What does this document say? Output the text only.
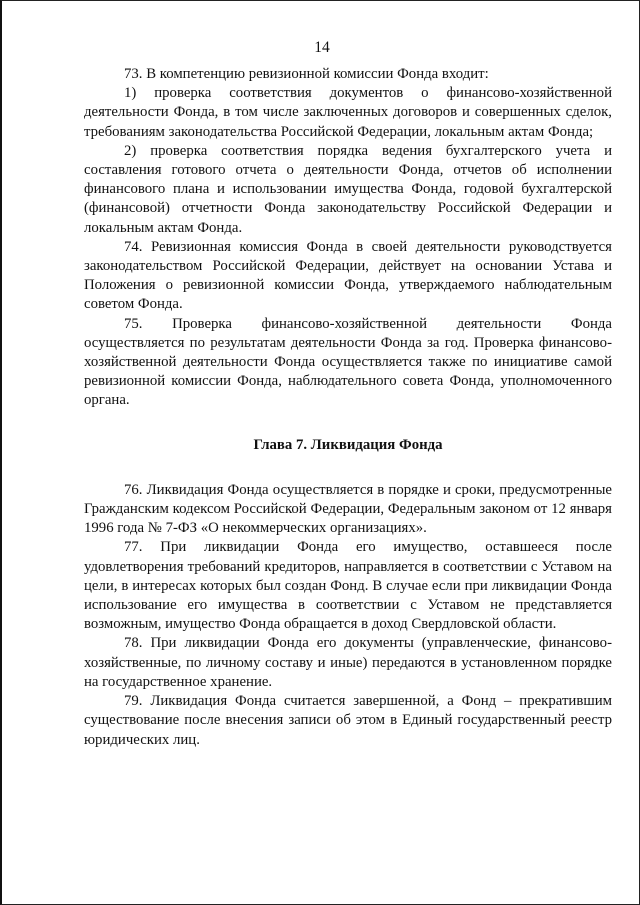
14

73. В компетенцию ревизионной комиссии Фонда входит:

1) проверка соответствия документов о финансово-хозяйственной деятельности Фонда, в том числе заключенных договоров и совершенных сделок, требованиям законодательства Российской Федерации, локальным актам Фонда;

2) проверка соответствия порядка ведения бухгалтерского учета и составления готового отчета о деятельности Фонда, отчетов об исполнении финансового плана и использовании имущества Фонда, годовой бухгалтерской (финансовой) отчетности Фонда законодательству Российской Федерации и локальным актам Фонда.

74. Ревизионная комиссия Фонда в своей деятельности руководствуется законодательством Российской Федерации, действует на основании Устава и Положения о ревизионной комиссии Фонда, утверждаемого наблюдательным советом Фонда.

75. Проверка финансово-хозяйственной деятельности Фонда осуществляется по результатам деятельности Фонда за год. Проверка финансово-хозяйственной деятельности Фонда осуществляется также по инициативе самой ревизионной комиссии Фонда, наблюдательного совета Фонда, уполномоченного органа.

Глава 7. Ликвидация Фонда

76. Ликвидация Фонда осуществляется в порядке и сроки, предусмотренные Гражданским кодексом Российской Федерации, Федеральным законом от 12 января 1996 года № 7-ФЗ «О некоммерческих организациях».

77. При ликвидации Фонда его имущество, оставшееся после удовлетворения требований кредиторов, направляется в соответствии с Уставом на цели, в интересах которых был создан Фонд. В случае если при ликвидации Фонда использование его имущества в соответствии с Уставом не представляется возможным, имущество Фонда обращается в доход Свердловской области.

78. При ликвидации Фонда его документы (управленческие, финансово-хозяйственные, по личному составу и иные) передаются в установленном порядке на государственное хранение.

79. Ликвидация Фонда считается завершенной, а Фонд – прекратившим существование после внесения записи об этом в Единый государственный реестр юридических лиц.
